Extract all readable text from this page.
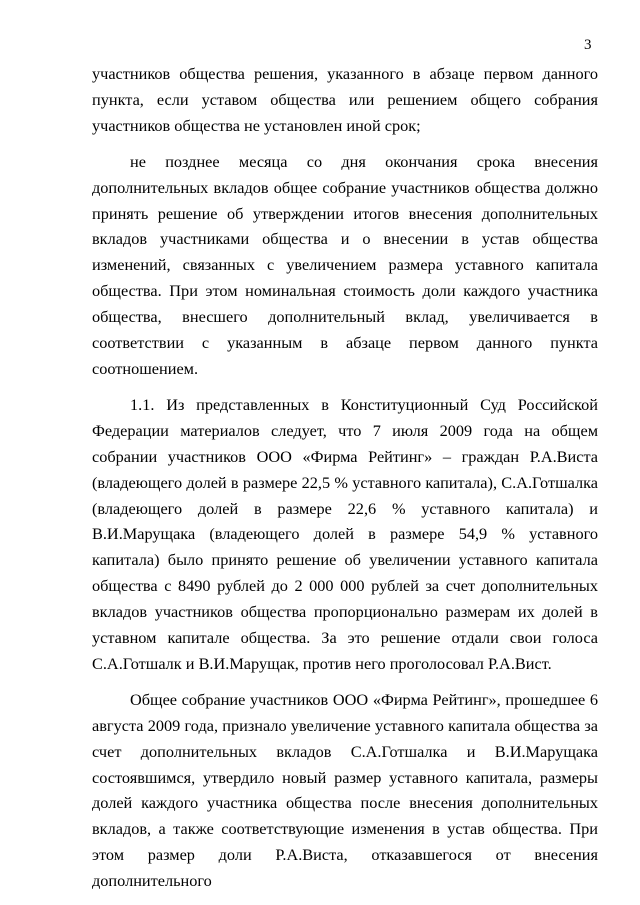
3

участников общества решения, указанного в абзаце первом данного пункта, если уставом общества или решением общего собрания участников общества не установлен иной срок;

не позднее месяца со дня окончания срока внесения дополнительных вкладов общее собрание участников общества должно принять решение об утверждении итогов внесения дополнительных вкладов участниками общества и о внесении в устав общества изменений, связанных с увеличением размера уставного капитала общества. При этом номинальная стоимость доли каждого участника общества, внесшего дополнительный вклад, увеличивается в соответствии с указанным в абзаце первом данного пункта соотношением.

1.1. Из представленных в Конституционный Суд Российской Федерации материалов следует, что 7 июля 2009 года на общем собрании участников ООО «Фирма Рейтинг» – граждан Р.А.Виста (владеющего долей в размере 22,5 % уставного капитала), С.А.Готшалка (владеющего долей в размере 22,6 % уставного капитала) и В.И.Марущака (владеющего долей в размере 54,9 % уставного капитала) было принято решение об увеличении уставного капитала общества с 8490 рублей до 2 000 000 рублей за счет дополнительных вкладов участников общества пропорционально размерам их долей в уставном капитале общества. За это решение отдали свои голоса С.А.Готшалк и В.И.Марущак, против него проголосовал Р.А.Вист.

Общее собрание участников ООО «Фирма Рейтинг», прошедшее 6 августа 2009 года, признало увеличение уставного капитала общества за счет дополнительных вкладов С.А.Готшалка и В.И.Марущака состоявшимся, утвердило новый размер уставного капитала, размеры долей каждого участника общества после внесения дополнительных вкладов, а также соответствующие изменения в устав общества. При этом размер доли Р.А.Виста, отказавшегося от внесения дополнительного
